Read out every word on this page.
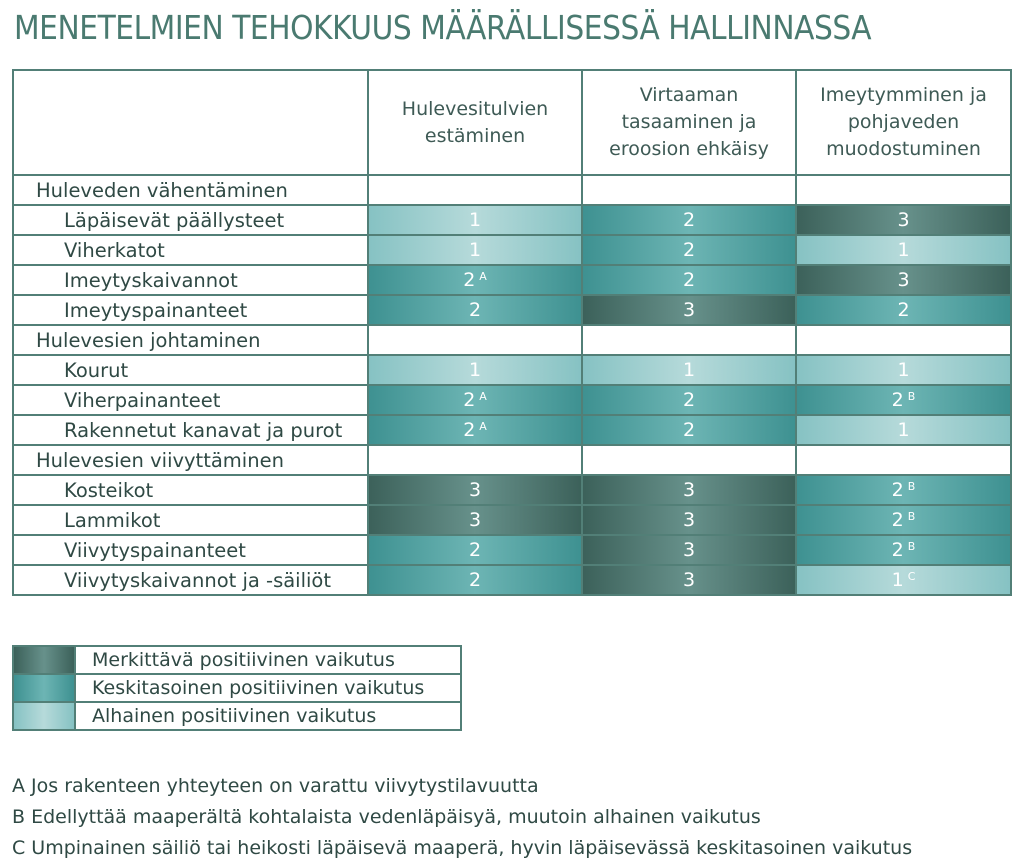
MENETELMIEN TEHOKKUUS MÄÄRÄLLISESSÄ HALLINNASSA
	Hulevesitulvien estäminen	Virtaaman tasaaminen ja eroosion ehkäisy	Imeytymminen ja pohjaveden muodostuminen
Huleveden vähentäminen			
Läpäisevät päällysteet	1	2	3
Viherkatot	1	2	1
Imeytyskaivannot	2 $^A$	2	3
Imeytyspainanteet	2	3	2
Hulevesien johtaminen			
Kourut	1	1	1
Viherpainanteet	2 $^A$	2	2 $^B$
Rakennetut kanavat ja purot	2 $^A$	2	1
Hulevesien viivyttäminen			
Kosteikot	3	3	2 $^B$
Lammikot	3	3	2 $^B$
Viivytyspainanteet	2	3	2 $^B$
Viivytyskaivannot ja -säiliöt	2	3	1 $^C$
	Merkittävä positiivinen vaikutus
	Keskitasoinen positiivinen vaikutus
	Alhainen positiivinen vaikutus
A Jos rakenteen yhteyteen on varattu viivytystilavuutta
B Edellyttää maaperältä kohtalaista vedenläpäisyä, muutoin alhainen vaikutus
C Umpinainen säiliö tai heikosti läpäisevä maaperä, hyvin läpäisevässä keskitasoinen vaikutus
